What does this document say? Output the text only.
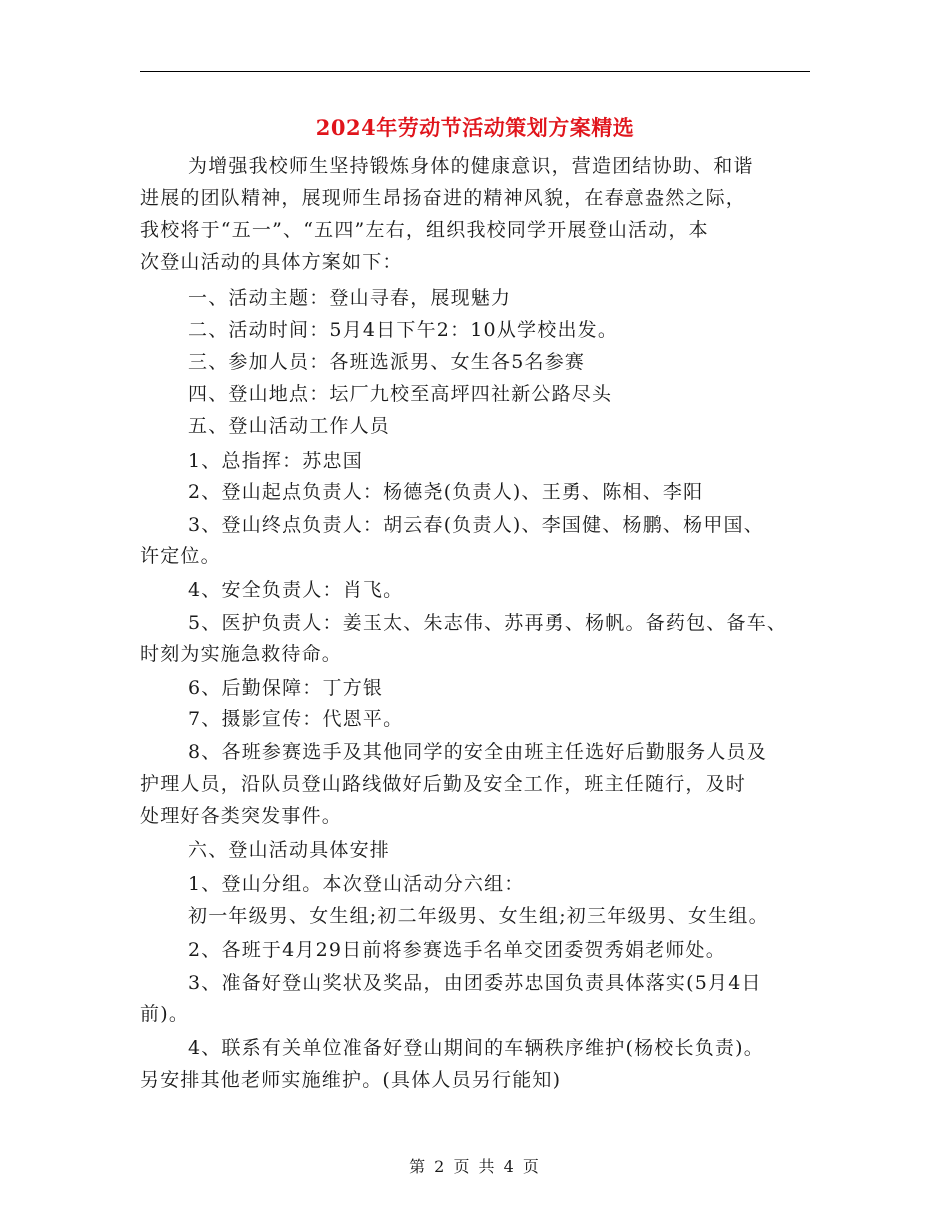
2024年劳动节活动策划方案精选
为增强我校师生坚持锻炼身体的健康意识，营造团结协助、和谐
进展的团队精神，展现师生昂扬奋进的精神风貌，在春意盎然之际，
我校将于“五一”、“五四”左右，组织我校同学开展登山活动，本
次登山活动的具体方案如下：
一、活动主题：登山寻春，展现魅力
二、活动时间：5月4日下午2：10从学校出发。
三、参加人员：各班选派男、女生各5名参赛
四、登山地点：坛厂九校至高坪四社新公路尽头
五、登山活动工作人员
1、总指挥：苏忠国
2、登山起点负责人：杨德尧(负责人)、王勇、陈相、李阳
3、登山终点负责人：胡云春(负责人)、李国健、杨鹏、杨甲国、
许定位。
4、安全负责人：肖飞。
5、医护负责人：姜玉太、朱志伟、苏再勇、杨帆。备药包、备车、
时刻为实施急救待命。
6、后勤保障：丁方银
7、摄影宣传：代恩平。
8、各班参赛选手及其他同学的安全由班主任选好后勤服务人员及
护理人员，沿队员登山路线做好后勤及安全工作，班主任随行，及时
处理好各类突发事件。
六、登山活动具体安排
1、登山分组。本次登山活动分六组：
初一年级男、女生组;初二年级男、女生组;初三年级男、女生组。
2、各班于4月29日前将参赛选手名单交团委贺秀娟老师处。
3、准备好登山奖状及奖品，由团委苏忠国负责具体落实(5月4日
前)。
4、联系有关单位准备好登山期间的车辆秩序维护(杨校长负责)。
另安排其他老师实施维护。(具体人员另行能知)
第 2 页 共 4 页
